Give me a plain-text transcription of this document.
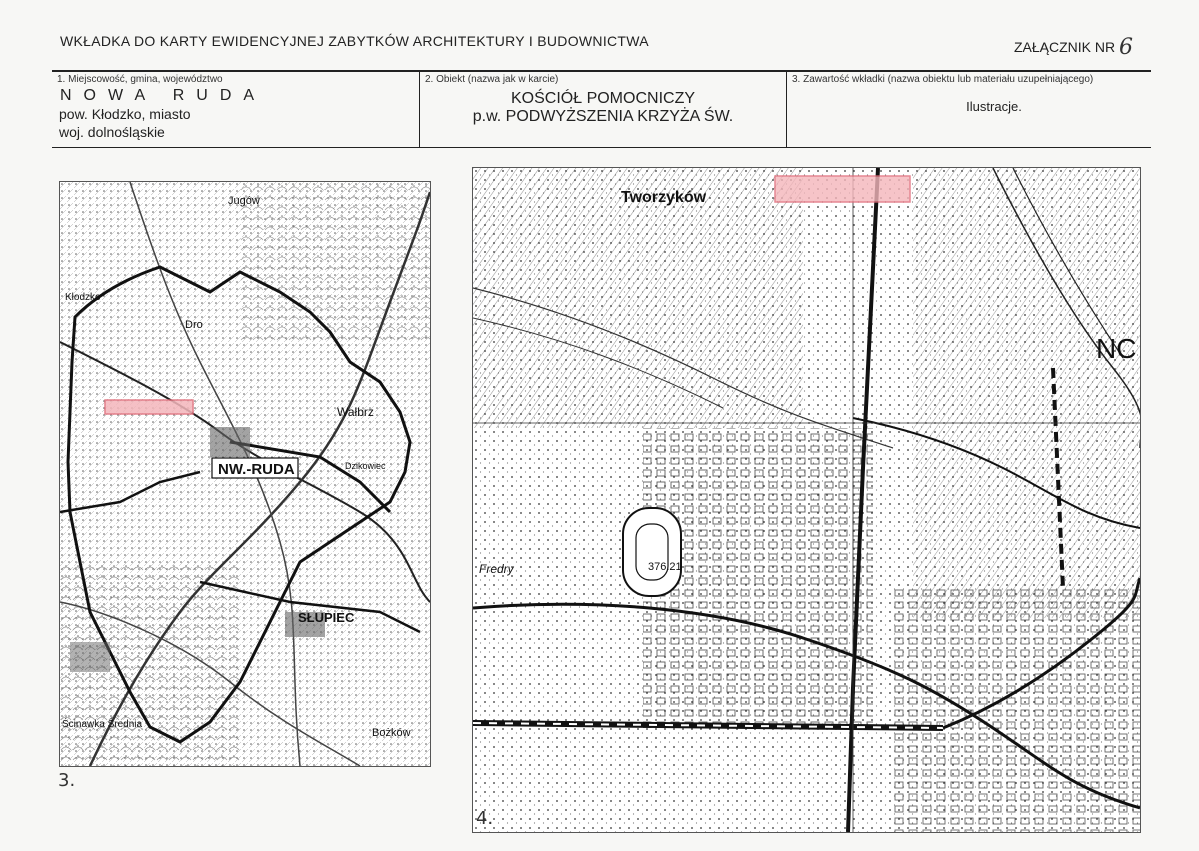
WKŁADKA DO KARTY EWIDENCYJNEJ ZABYTKÓW ARCHITEKTURY I BUDOWNICTWA	ZAŁĄCZNIK NR 6
1. Miejscowość, gmina, województwo
NOWA RUDA
pow. Kłodzko, miasto
woj. dolnośląskie
2. Obiekt (nazwa jak w karcie)
KOŚCIÓŁ POMOCNICZY
p.w. PODWYŻSZENIA KRZYŻA ŚW.
3. Zawartość wkładki (nazwa obiektu lub materiału uzupełniającego)
Ilustracje.
NW.-RUDA
Jugów
Kłodzko
Dro
Wałbrz
Dzikowiec
SŁUPIEC
Ścinawka Średnia
Bożków
Tworzyków
NC
376.21
Fredry
3.
4.
